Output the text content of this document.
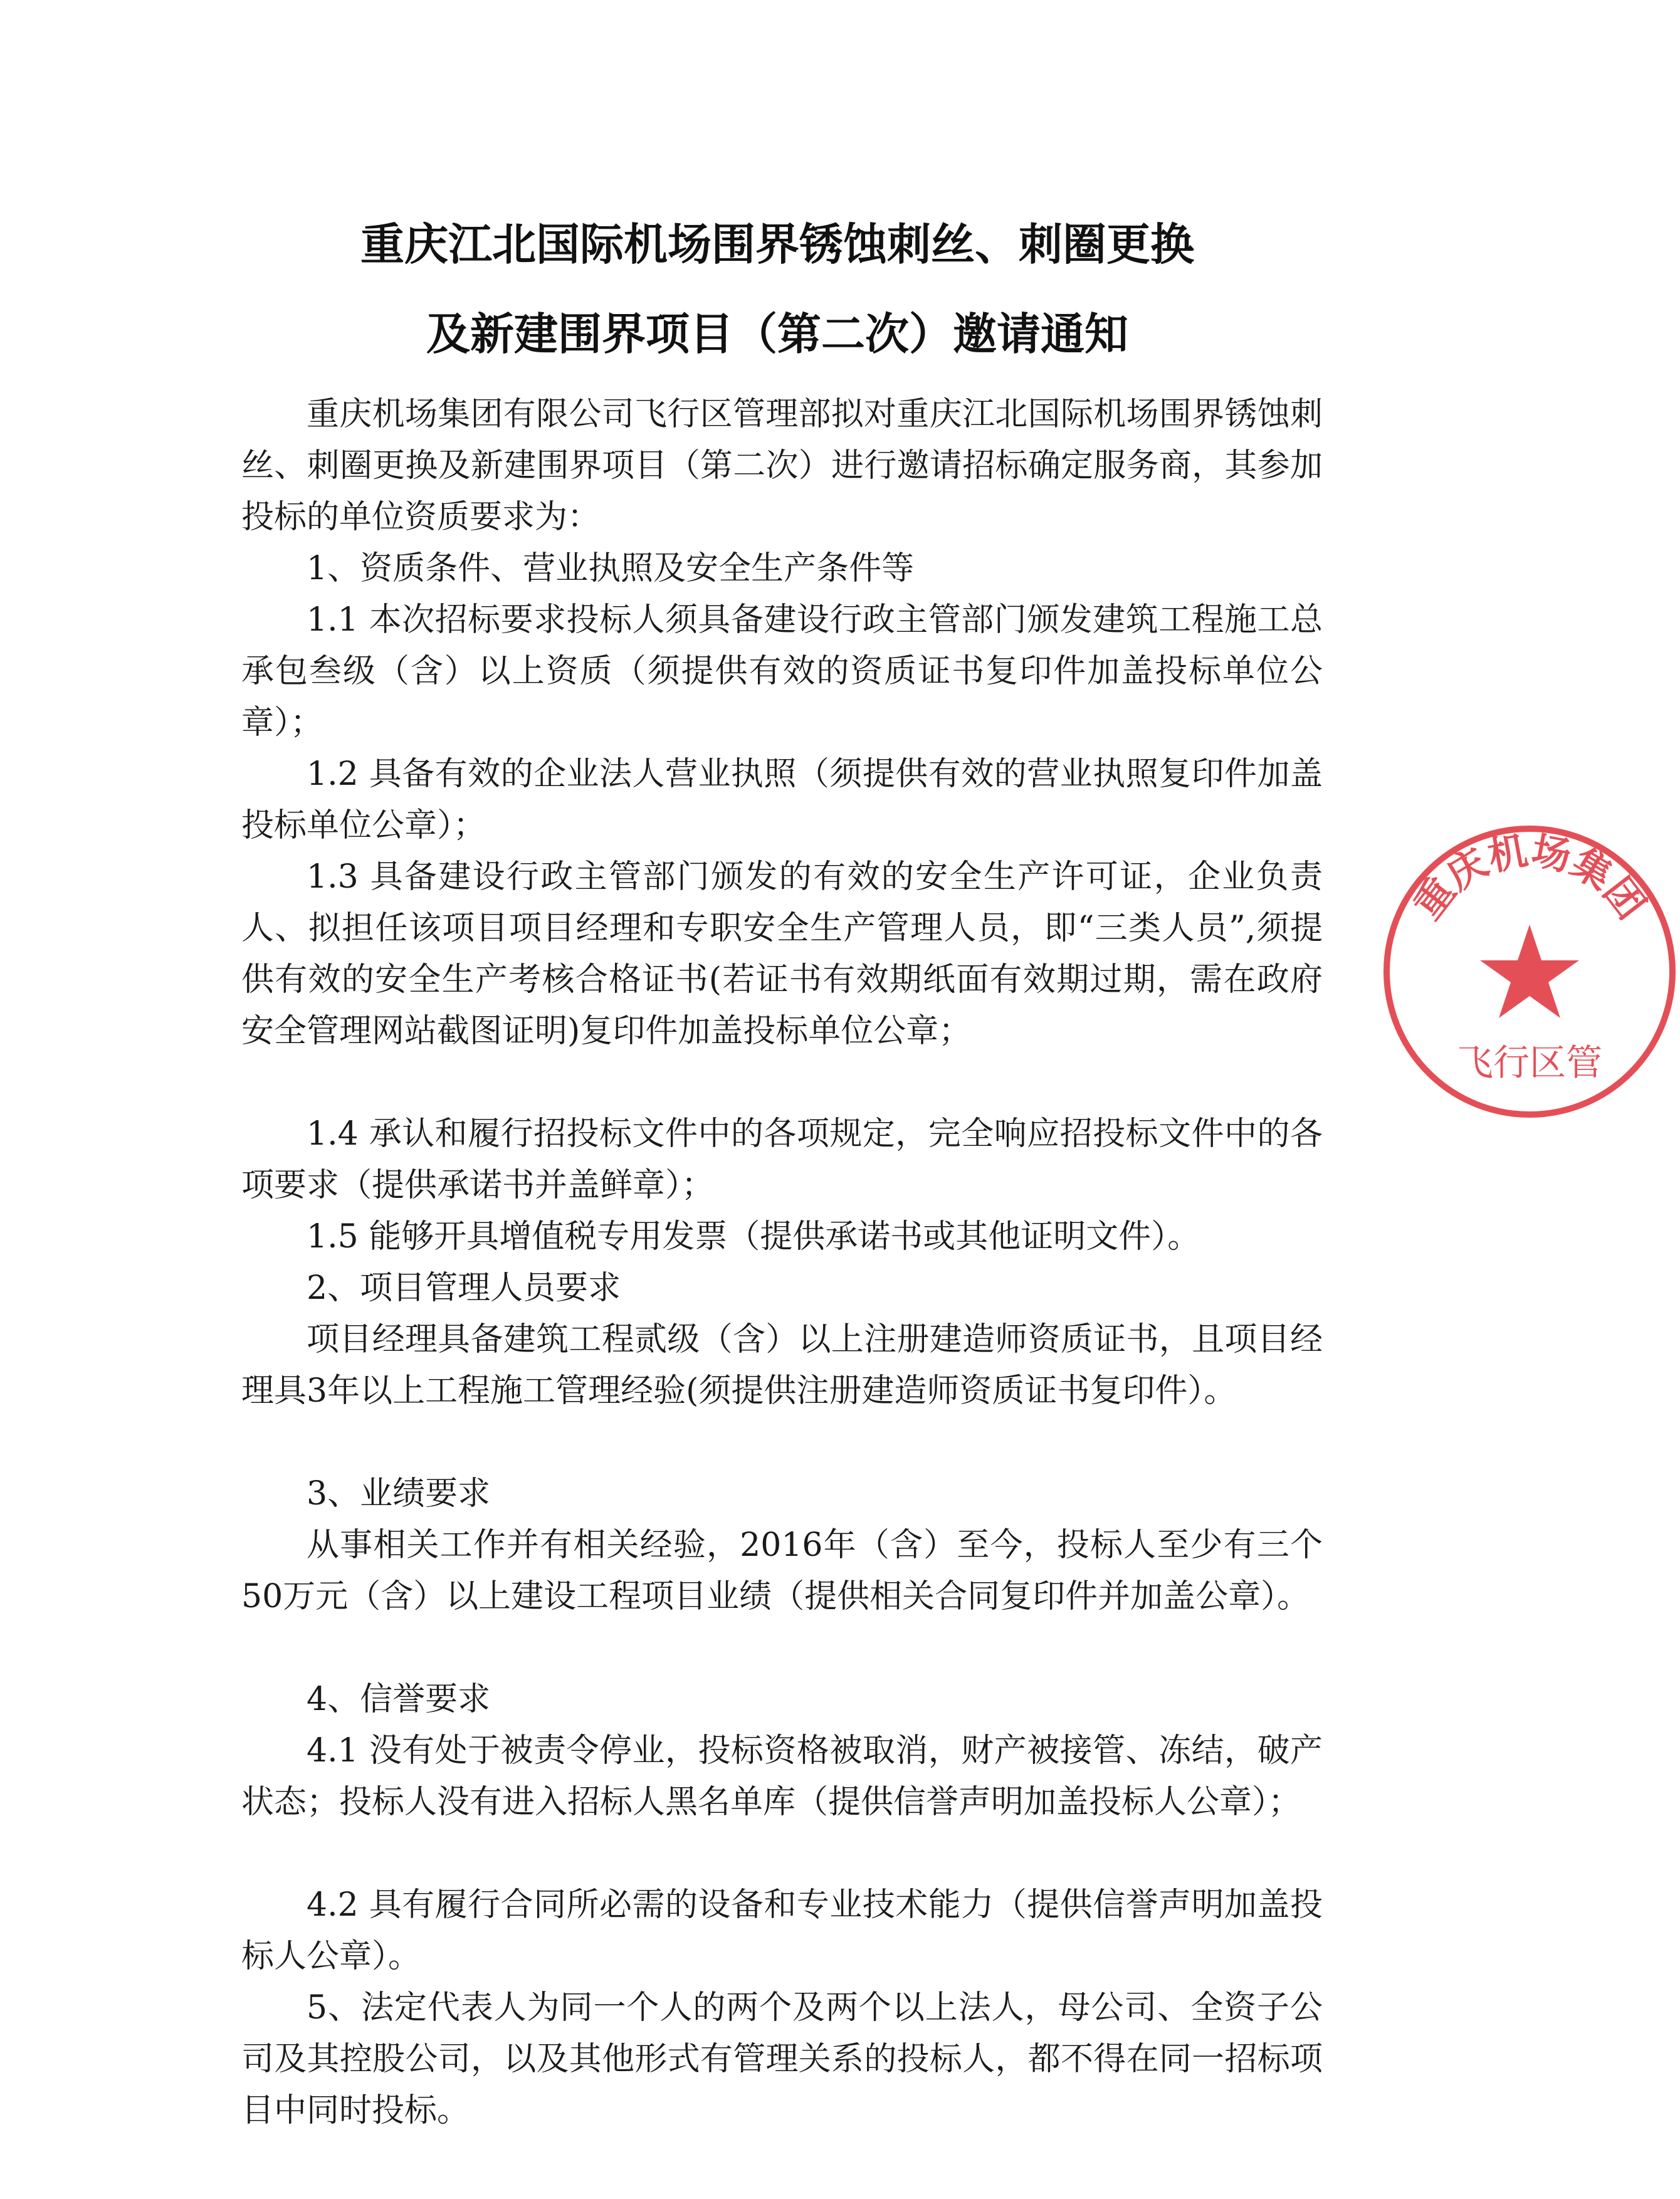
重庆江北国际机场围界锈蚀刺丝、刺圈更换
及新建围界项目（第二次）邀请通知

重庆机场集团有限公司飞行区管理部拟对重庆江北国际机场围界锈蚀刺丝、刺圈更换及新建围界项目（第二次）进行邀请招标确定服务商，其参加投标的单位资质要求为：

1、资质条件、营业执照及安全生产条件等

1.1 本次招标要求投标人须具备建设行政主管部门颁发建筑工程施工总承包叁级（含）以上资质（须提供有效的资质证书复印件加盖投标单位公章）；

1.2 具备有效的企业法人营业执照（须提供有效的营业执照复印件加盖投标单位公章）；

1.3 具备建设行政主管部门颁发的有效的安全生产许可证，企业负责人、拟担任该项目项目经理和专职安全生产管理人员，即“三类人员”,须提供有效的安全生产考核合格证书(若证书有效期纸面有效期过期，需在政府安全管理网站截图证明)复印件加盖投标单位公章；

1.4 承认和履行招投标文件中的各项规定，完全响应招投标文件中的各项要求（提供承诺书并盖鲜章）；

1.5 能够开具增值税专用发票（提供承诺书或其他证明文件）。

2、项目管理人员要求

项目经理具备建筑工程贰级（含）以上注册建造师资质证书，且项目经理具3年以上工程施工管理经验(须提供注册建造师资质证书复印件）。

3、业绩要求

从事相关工作并有相关经验，2016年（含）至今，投标人至少有三个50万元（含）以上建设工程项目业绩（提供相关合同复印件并加盖公章）。

4、信誉要求

4.1 没有处于被责令停业，投标资格被取消，财产被接管、冻结，破产状态；投标人没有进入招标人黑名单库（提供信誉声明加盖投标人公章）；

4.2 具有履行合同所必需的设备和专业技术能力（提供信誉声明加盖投标人公章）。

5、法定代表人为同一个人的两个及两个以上法人，母公司、全资子公司及其控股公司，以及其他形式有管理关系的投标人，都不得在同一招标项目中同时投标。

重庆机场集团
飞行区管
